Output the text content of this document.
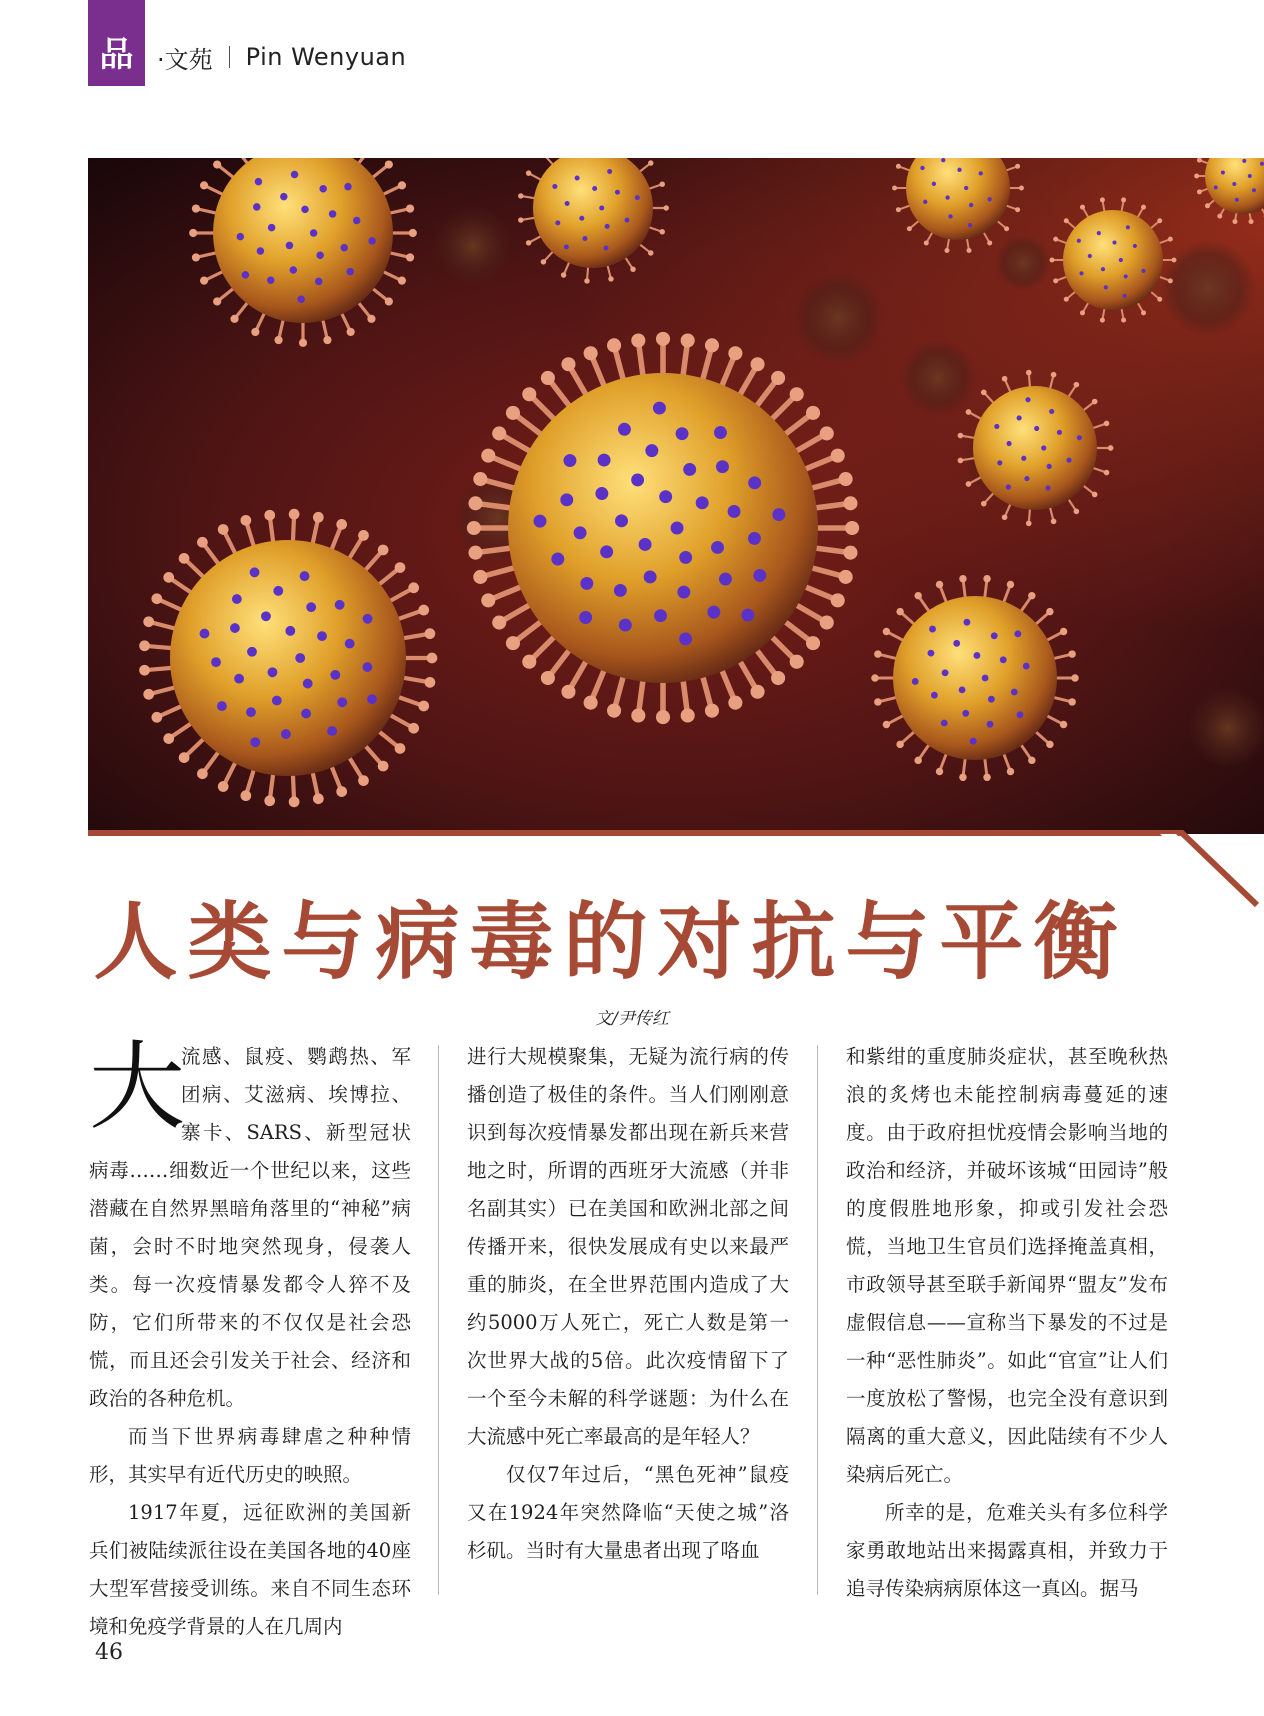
品 ·文苑 Pin Wenyuan
人类与病毒的对抗与平衡
文/尹传红
大

流感、鼠疫、鹦鹉热、军团病、艾滋病、埃博拉、寨卡、SARS、新型冠状病毒……细数近一个世纪以来，这些潜藏在自然界黑暗角落里的“神秘”病菌，会时不时地突然现身，侵袭人类。每一次疫情暴发都令人猝不及防，它们所带来的不仅仅是社会恐慌，而且还会引发关于社会、经济和政治的各种危机。

而当下世界病毒肆虐之种种情形，其实早有近代历史的映照。

1917年夏，远征欧洲的美国新兵们被陆续派往设在美国各地的40座大型军营接受训练。来自不同生态环境和免疫学背景的人在几周内

进行大规模聚集，无疑为流行病的传播创造了极佳的条件。当人们刚刚意识到每次疫情暴发都出现在新兵来营地之时，所谓的西班牙大流感（并非名副其实）已在美国和欧洲北部之间传播开来，很快发展成有史以来最严重的肺炎，在全世界范围内造成了大约5000万人死亡，死亡人数是第一次世界大战的5倍。此次疫情留下了一个至今未解的科学谜题：为什么在大流感中死亡率最高的是年轻人？

仅仅7年过后，“黑色死神”鼠疫又在1924年突然降临“天使之城”洛杉矶。当时有大量患者出现了咯血

和紫绀的重度肺炎症状，甚至晚秋热浪的炙烤也未能控制病毒蔓延的速度。由于政府担忧疫情会影响当地的政治和经济，并破坏该城“田园诗”般的度假胜地形象，抑或引发社会恐慌，当地卫生官员们选择掩盖真相，市政领导甚至联手新闻界“盟友”发布虚假信息——宣称当下暴发的不过是一种“恶性肺炎”。如此“官宣”让人们一度放松了警惕，也完全没有意识到隔离的重大意义，因此陆续有不少人染病后死亡。

所幸的是，危难关头有多位科学家勇敢地站出来揭露真相，并致力于追寻传染病病原体这一真凶。据马

46
